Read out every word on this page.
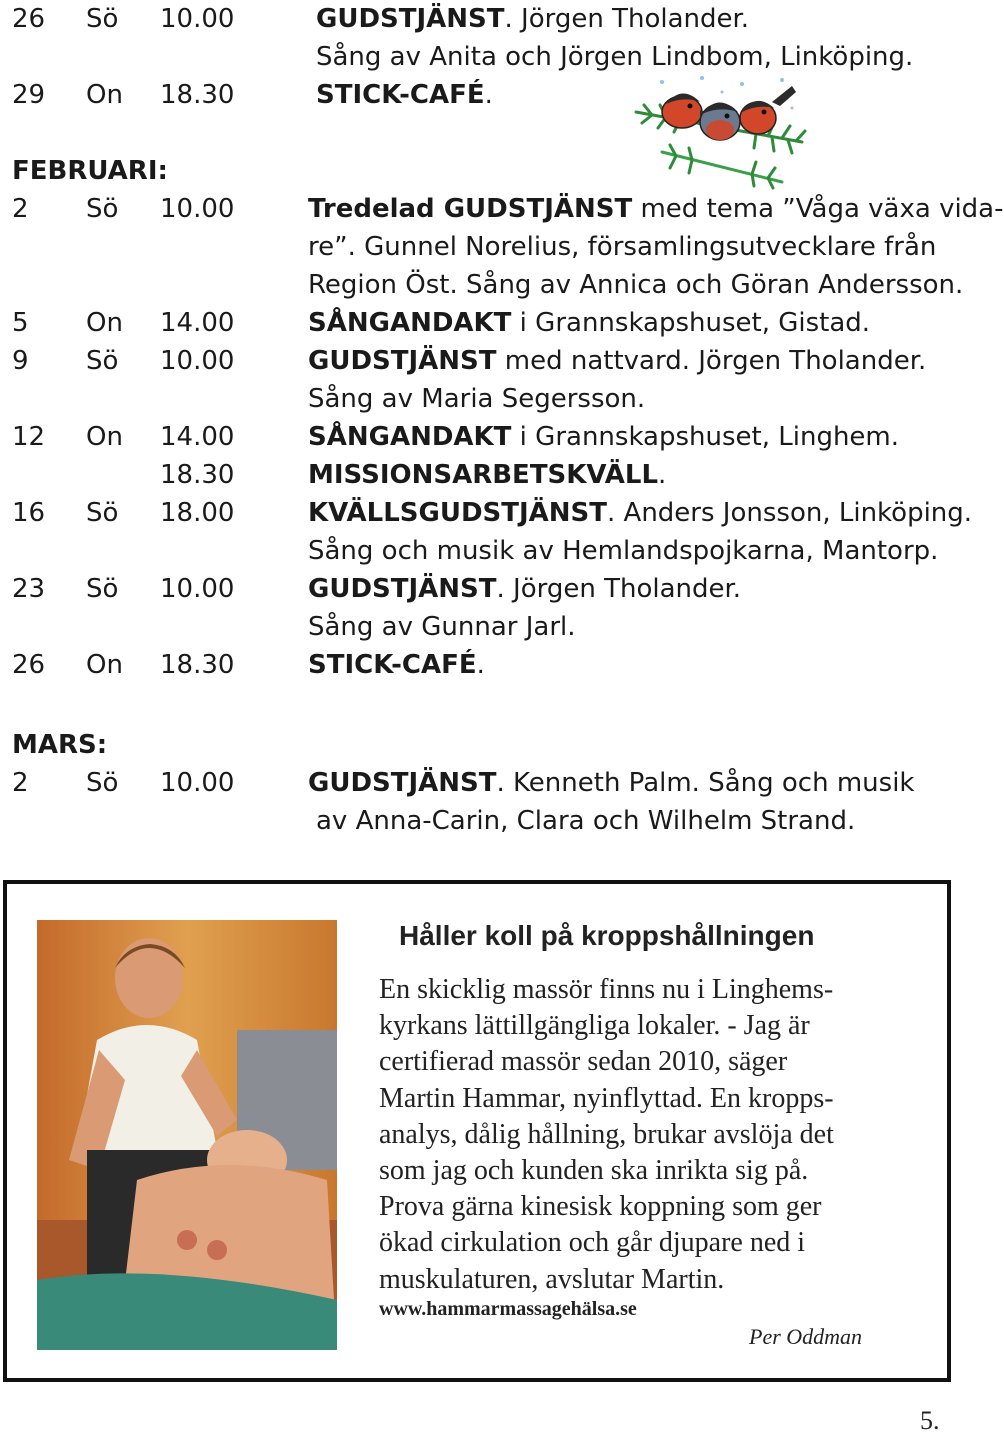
26 Sö 10.00	GUDSTJÄNST. Jörgen Tholander.
Sång av Anita och Jörgen Lindbom, Linköping.
29 On 18.30	STICK-CAFÉ.
FEBRUARI:
2 Sö 10.00	Tredelad GUDSTJÄNST med tema ”Våga växa vida-
re”. Gunnel Norelius, församlingsutvecklare från
Region Öst. Sång av Annica och Göran Andersson.
5 On 14.00	SÅNGANDAKT i Grannskapshuset, Gistad.
9 Sö 10.00	GUDSTJÄNST med nattvard. Jörgen Tholander.
Sång av Maria Segersson.
12 On 14.00	SÅNGANDAKT i Grannskapshuset, Linghem.
18.30	MISSIONSARBETSKVÄLL.
16 Sö 18.00	KVÄLLSGUDSTJÄNST. Anders Jonsson, Linköping.
Sång och musik av Hemlandspojkarna, Mantorp.
23 Sö 10.00	GUDSTJÄNST. Jörgen Tholander.
Sång av Gunnar Jarl.
26 On 18.30	STICK-CAFÉ.
MARS:
2 Sö 10.00	GUDSTJÄNST. Kenneth Palm. Sång och musik
av Anna-Carin, Clara och Wilhelm Strand.
Håller koll på kroppshållningen
En skicklig massör finns nu i Linghems-
kyrkans lättillgängliga lokaler. - Jag är
certifierad massör sedan 2010, säger
Martin Hammar, nyinflyttad. En kropps-
analys, dålig hållning, brukar avslöja det
som jag och kunden ska inrikta sig på.
Prova gärna kinesisk koppning som ger
ökad cirkulation och går djupare ned i
muskulaturen, avslutar Martin.
www.hammarmassagehälsa.se
Per Oddman
5.
